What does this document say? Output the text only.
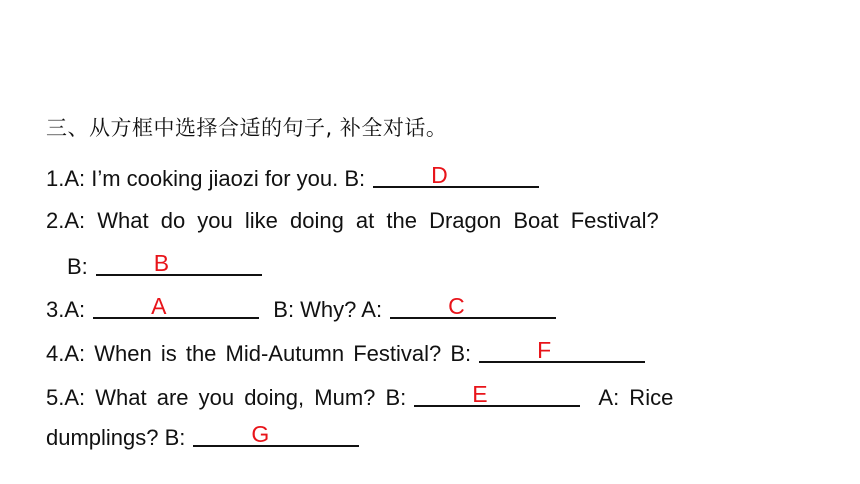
三、从方框中选择合适的句子, 补全对话。
1.A: I’m cooking jiaozi for you. B:	D
2.A: What do you like doing at the Dragon Boat Festival?
B:	B
3.A:	A	B: Why? A:	C
4.A: When is the Mid-Autumn Festival? B:	F
5.A: What are you doing, Mum? B:	E	A: Rice
dumplings? B:	G
